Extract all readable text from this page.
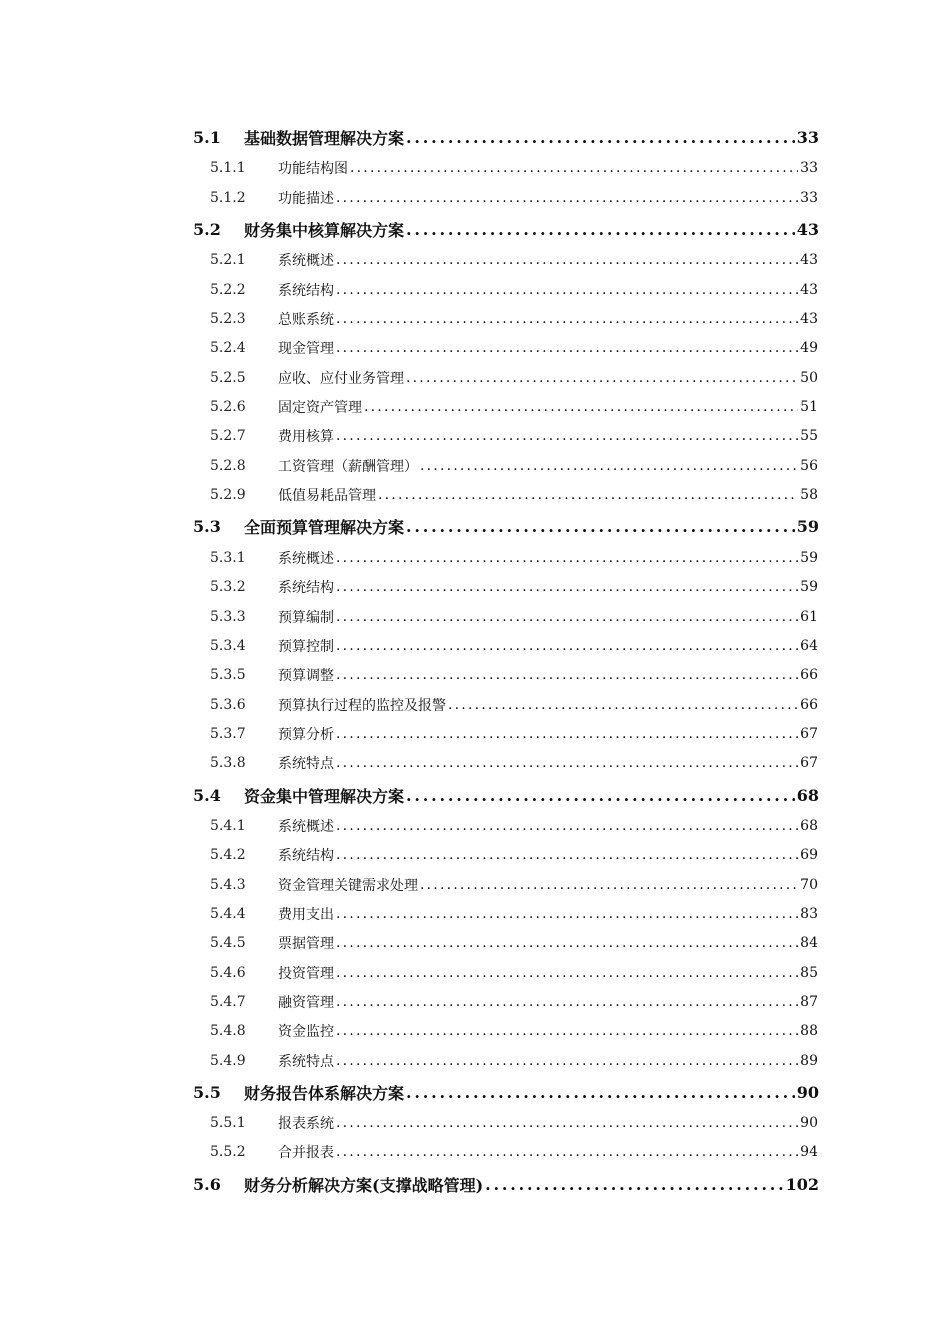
5.1	基础数据管理解决方案 .....	33
5.1.1	功能结构图 .....	33
5.1.2	功能描述 .....	33
5.2	财务集中核算解决方案 .....	43
5.2.1	系统概述 .....	43
5.2.2	系统结构 .....	43
5.2.3	总账系统 .....	43
5.2.4	现金管理 .....	49
5.2.5	应收、应付业务管理 .....	50
5.2.6	固定资产管理 .....	51
5.2.7	费用核算 .....	55
5.2.8	工资管理（薪酬管理） .....	56
5.2.9	低值易耗品管理 .....	58
5.3	全面预算管理解决方案 .....	59
5.3.1	系统概述 .....	59
5.3.2	系统结构 .....	59
5.3.3	预算编制 .....	61
5.3.4	预算控制 .....	64
5.3.5	预算调整 .....	66
5.3.6	预算执行过程的监控及报警 .....	66
5.3.7	预算分析 .....	67
5.3.8	系统特点 .....	67
5.4	资金集中管理解决方案 .....	68
5.4.1	系统概述 .....	68
5.4.2	系统结构 .....	69
5.4.3	资金管理关键需求处理 .....	70
5.4.4	费用支出 .....	83
5.4.5	票据管理 .....	84
5.4.6	投资管理 .....	85
5.4.7	融资管理 .....	87
5.4.8	资金监控 .....	88
5.4.9	系统特点 .....	89
5.5	财务报告体系解决方案 .....	90
5.5.1	报表系统 .....	90
5.5.2	合并报表 .....	94
5.6	财务分析解决方案(支撑战略管理) .....	102
